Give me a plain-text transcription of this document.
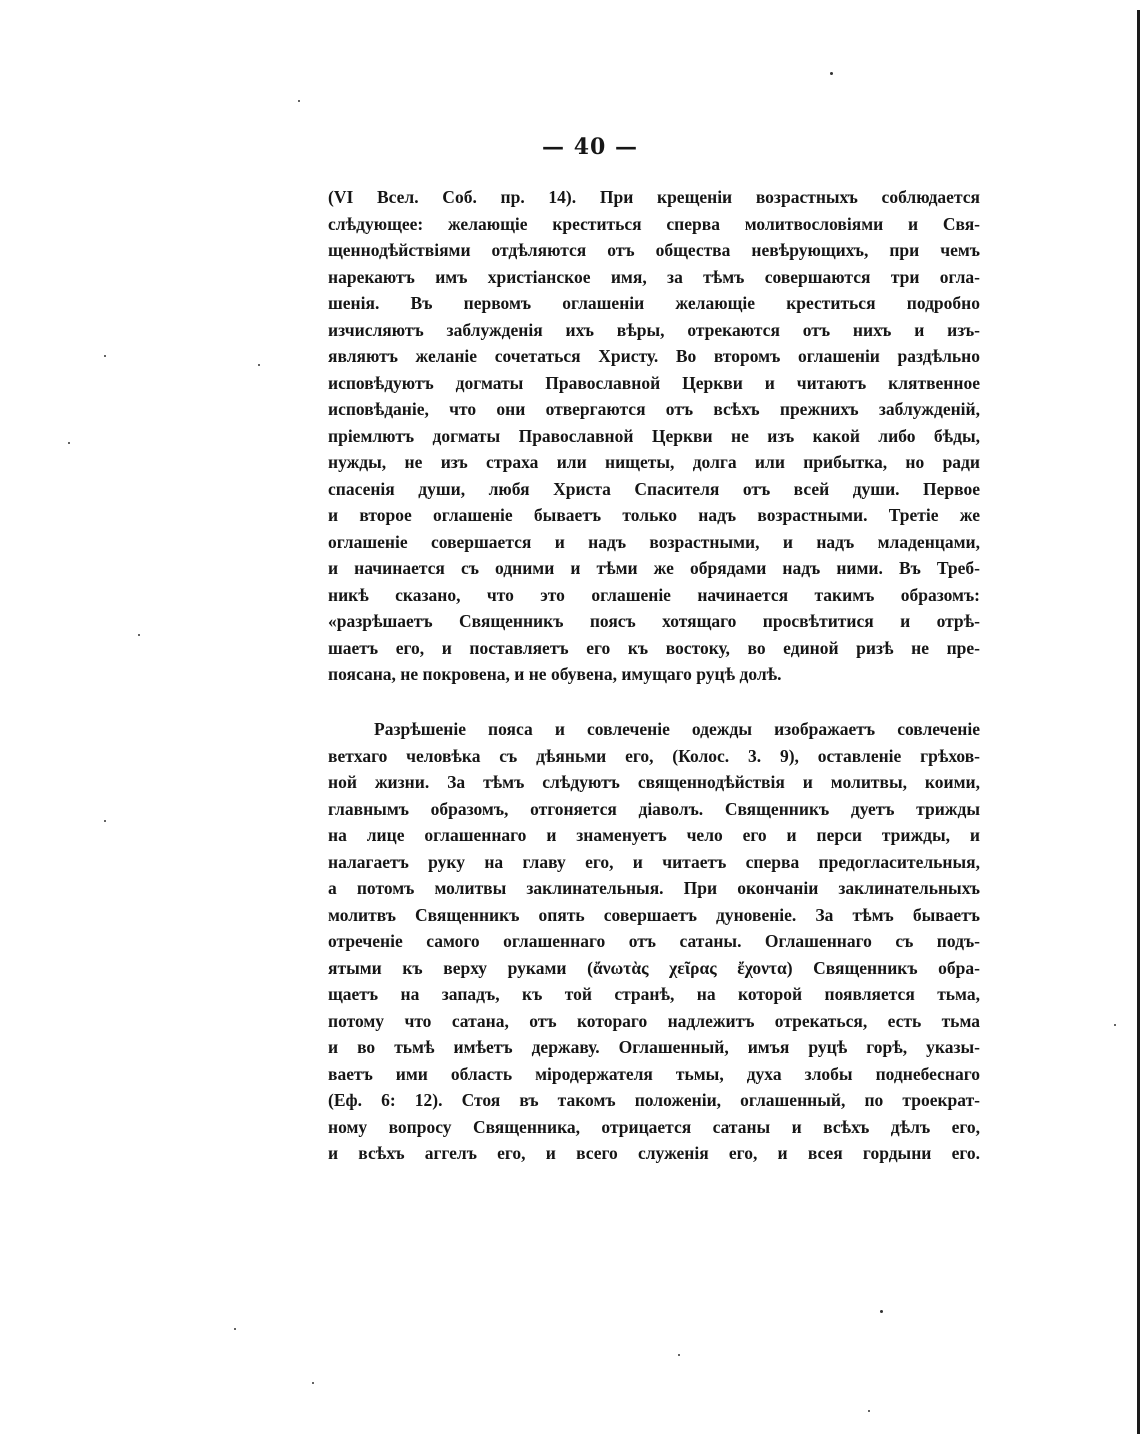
— 40 —

(VI Всел. Соб. пр. 14). При крещеніи возрастныхъ соблюдается
слѣдующее: желающіе креститься сперва молитвословіями и Свя-
щеннодѣйствіями отдѣляются отъ общества невѣрующихъ, при чемъ
нарекаютъ имъ христіанское имя, за тѣмъ совершаются три огла-
шенія. Въ первомъ оглашеніи желающіе креститься подробно
изчисляютъ заблужденія ихъ вѣры, отрекаются отъ нихъ и изъ-
являютъ желаніе сочетаться Христу. Во второмъ оглашеніи раздѣльно
исповѣдуютъ догматы Православной Церкви и читаютъ клятвенное
исповѣданіе, что они отвергаются отъ всѣхъ прежнихъ заблужденій,
пріемлютъ догматы Православной Церкви не изъ какой либо бѣды,
нужды, не изъ страха или нищеты, долга или прибытка, но ради
спасенія души, любя Христа Спасителя отъ всей души. Первое
и второе оглашеніе бываетъ только надъ возрастными. Третіе же
оглашеніе совершается и надъ возрастными, и надъ младенцами,
и начинается съ одними и тѣми же обрядами надъ ними. Въ Треб-
никѣ сказано, что это оглашеніе начинается такимъ образомъ:
«разрѣшаетъ Священникъ поясъ хотящаго просвѣтитися и отрѣ-
шаетъ его, и поставляетъ его къ востоку, во единой ризѣ не пре-
поясана, не покровена, и не обувена, имущаго руцѣ долѣ.
Разрѣшеніе пояса и совлеченіе одежды изображаетъ совлеченіе
ветхаго человѣка съ дѣяньми его, (Колос. 3. 9), оставленіе грѣхов-
ной жизни. За тѣмъ слѣдуютъ священнодѣйствія и молитвы, коими,
главнымъ образомъ, отгоняется діаволъ. Священникъ дуетъ трижды
на лице оглашеннаго и знаменуетъ чело его и перси трижды, и
налагаетъ руку на главу его, и читаетъ сперва предогласительныя,
а потомъ молитвы заклинательныя. При окончаніи заклинательныхъ
молитвъ Священникъ опять совершаетъ дуновеніе. За тѣмъ бываетъ
отреченіе самого оглашеннаго отъ сатаны. Оглашеннаго съ подъ-
ятыми къ верху руками (ἄνωτὰς χεῖρας ἔχοντα) Священникъ обра-
щаетъ на западъ, къ той странѣ, на которой появляется тьма,
потому что сатана, отъ котораго надлежитъ отрекаться, есть тьма
и во тьмѣ имѣетъ державу. Оглашенный, имъя руцѣ горѣ, указы-
ваетъ ими область міродержателя тьмы, духа злобы поднебеснаго
(Еф. 6: 12). Стоя въ такомъ положеніи, оглашенный, по троекрат-
ному вопросу Священника, отрицается сатаны и всѣхъ дѣлъ его,
и всѣхъ аггелъ его, и всего служенія его, и всея гордыни его.
